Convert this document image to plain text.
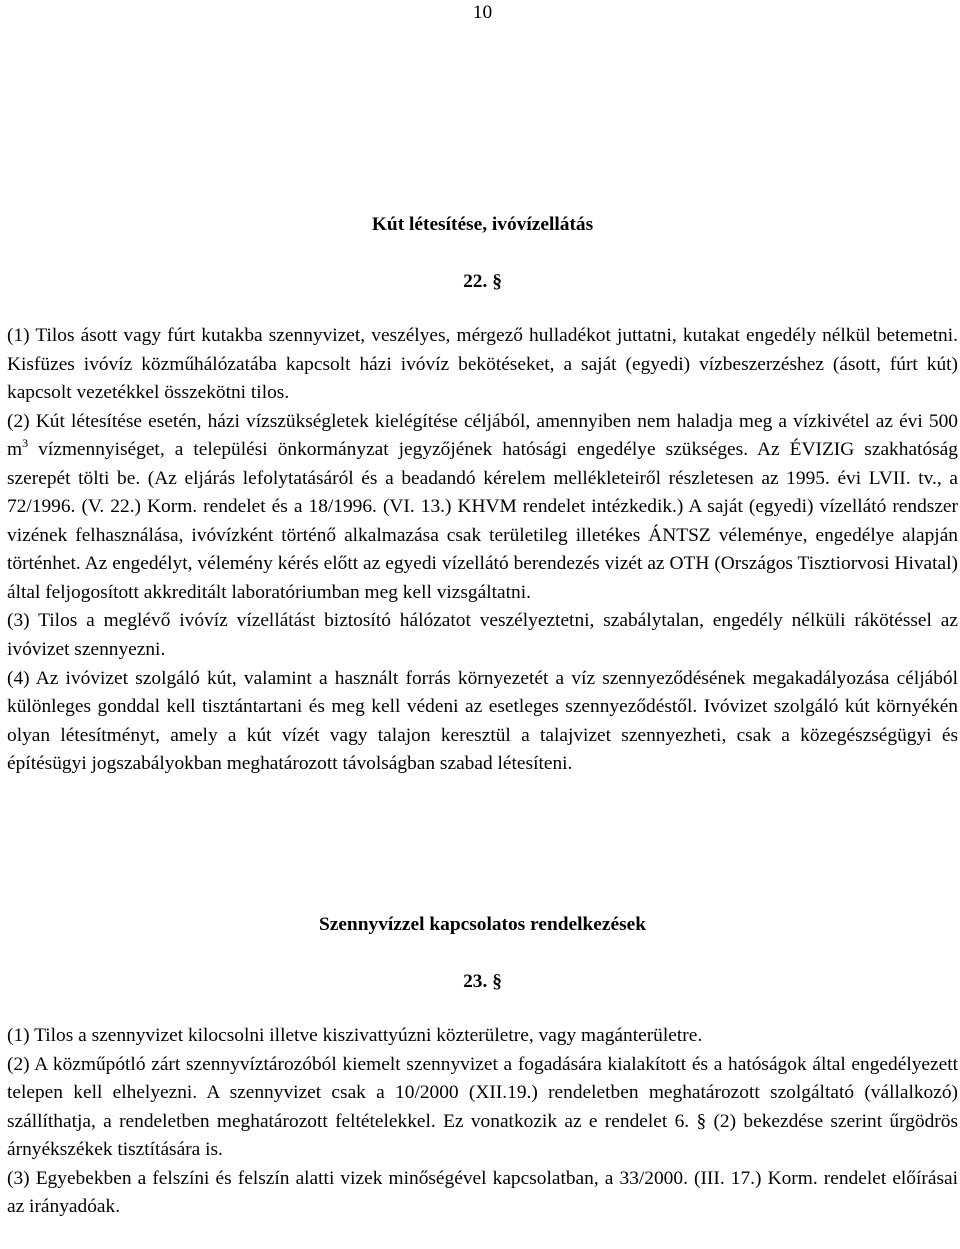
10
Kút létesítése, ivóvízellátás
22. §

(1) Tilos ásott vagy fúrt kutakba szennyvizet, veszélyes, mérgező hulladékot juttatni, kutakat engedély nélkül betemetni. Kisfüzes ivóvíz közműhálózatába kapcsolt házi ivóvíz bekötéseket, a saját (egyedi) vízbeszerzéshez (ásott, fúrt kút) kapcsolt vezetékkel összekötni tilos.

(2) Kút létesítése esetén, házi vízszükségletek kielégítése céljából, amennyiben nem haladja meg a vízkivétel az évi 500 $m^3$ vízmennyiséget, a települési önkormányzat jegyzőjének hatósági engedélye szükséges. Az ÉVIZIG szakhatóság szerepét tölti be. (Az eljárás lefolytatásáról és a beadandó kérelem mellékleteiről részletesen az 1995. évi LVII. tv., a 72/1996. (V. 22.) Korm. rendelet és a 18/1996. (VI. 13.) KHVM rendelet intézkedik.) A saját (egyedi) vízellátó rendszer vizének felhasználása, ivóvízként történő alkalmazása csak területileg illetékes ÁNTSZ véleménye, engedélye alapján történhet. Az engedélyt, vélemény kérés előtt az egyedi vízellátó berendezés vizét az OTH (Országos Tisztiorvosi Hivatal) által feljogosított akkreditált laboratóriumban meg kell vizsgáltatni.

(3) Tilos a meglévő ivóvíz vízellátást biztosító hálózatot veszélyeztetni, szabálytalan, engedély nélküli rákötéssel az ivóvizet szennyezni.

(4) Az ivóvizet szolgáló kút, valamint a használt forrás környezetét a víz szennyeződésének megakadályozása céljából különleges gonddal kell tisztántartani és meg kell védeni az esetleges szennyeződéstől. Ivóvizet szolgáló kút környékén olyan létesítményt, amely a kút vízét vagy talajon keresztül a talajvizet szennyezheti, csak a közegészségügyi és építésügyi jogszabályokban meghatározott távolságban szabad létesíteni.

Szennyvízzel kapcsolatos rendelkezések
23. §

(1) Tilos a szennyvizet kilocsolni illetve kiszivattyúzni közterületre, vagy magánterületre.

(2) A közműpótló zárt szennyvíztározóból kiemelt szennyvizet a fogadására kialakított és a hatóságok által engedélyezett telepen kell elhelyezni. A szennyvizet csak a 10/2000 (XII.19.) rendeletben meghatározott szolgáltató (vállalkozó) szállíthatja, a rendeletben meghatározott feltételekkel. Ez vonatkozik az e rendelet 6. § (2) bekezdése szerint űrgödrös árnyékszékek tisztítására is.

(3) Egyebekben a felszíni és felszín alatti vizek minőségével kapcsolatban, a 33/2000. (III. 17.) Korm. rendelet előírásai az irányadóak.
